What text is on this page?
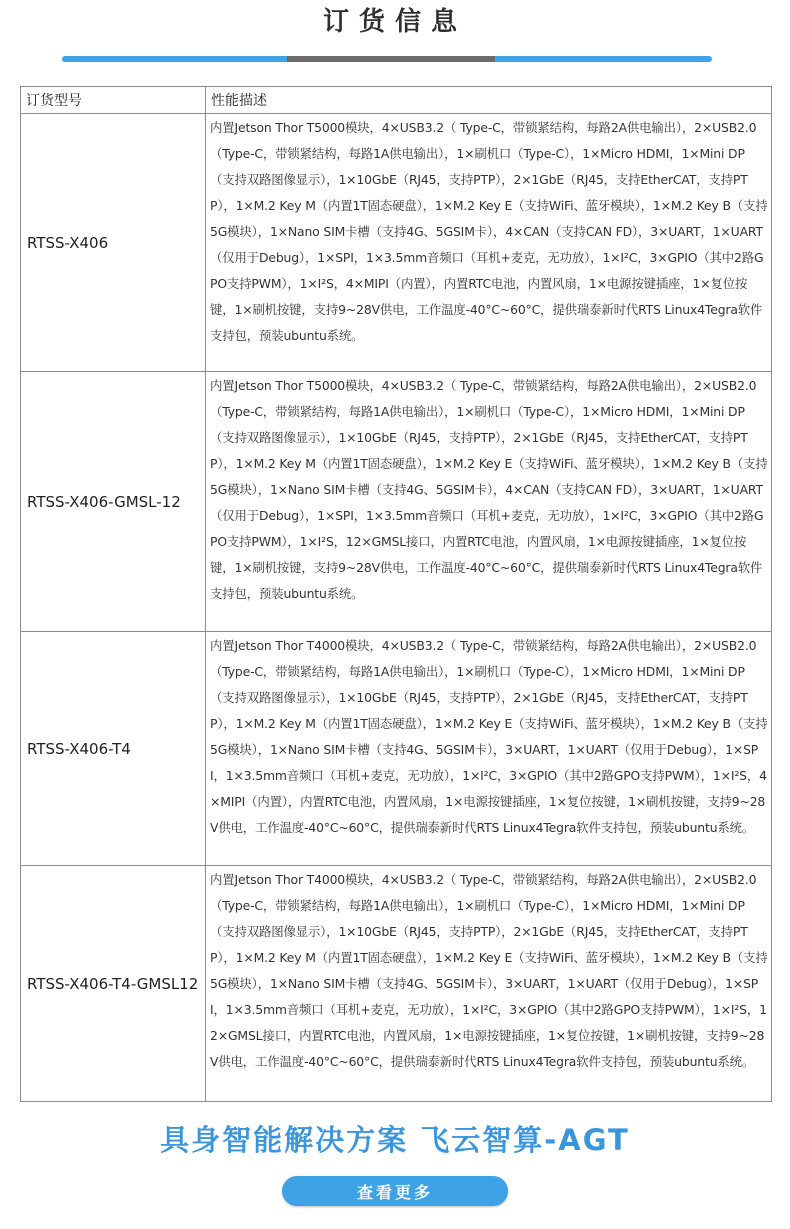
订货信息
订货型号	性能描述
RTSS-X406	内置Jetson Thor T5000模块，4×USB3.2（ Type-C，带锁紧结构，每路2A供电输出），2×USB2.0（Type-C，带锁紧结构，每路1A供电输出），1×刷机口（Type-C），1×Micro HDMI，1×Mini DP（支持双路图像显示），1×10GbE（RJ45，支持PTP），2×1GbE（RJ45，支持EtherCAT，支持PTP），1×M.2 Key M（内置1T固态硬盘），1×M.2 Key E（支持WiFi、蓝牙模块），1×M.2 Key B（支持5G模块），1×Nano SIM卡槽（支持4G、5GSIM卡），4×CAN（支持CAN FD），3×UART，1×UART（仅用于Debug），1×SPI，1×3.5mm音频口（耳机+麦克，无功放），1×I²C，3×GPIO（其中2路GPO支持PWM），1×I²S，4×MIPI（内置），内置RTC电池，内置风扇，1×电源按键插座，1×复位按键，1×刷机按键，支持9~28V供电，工作温度-40°C~60°C，提供瑞泰新时代RTS Linux4Tegra软件支持包，预装ubuntu系统。
RTSS-X406-GMSL-12	内置Jetson Thor T5000模块，4×USB3.2（ Type-C，带锁紧结构，每路2A供电输出），2×USB2.0（Type-C，带锁紧结构，每路1A供电输出），1×刷机口（Type-C），1×Micro HDMI，1×Mini DP（支持双路图像显示），1×10GbE（RJ45，支持PTP），2×1GbE（RJ45，支持EtherCAT，支持PTP），1×M.2 Key M（内置1T固态硬盘），1×M.2 Key E（支持WiFi、蓝牙模块），1×M.2 Key B（支持5G模块），1×Nano SIM卡槽（支持4G、5GSIM卡），4×CAN（支持CAN FD），3×UART，1×UART（仅用于Debug），1×SPI，1×3.5mm音频口（耳机+麦克，无功放），1×I²C，3×GPIO（其中2路GPO支持PWM），1×I²S，12×GMSL接口，内置RTC电池，内置风扇，1×电源按键插座，1×复位按键，1×刷机按键，支持9~28V供电，工作温度-40°C~60°C，提供瑞泰新时代RTS Linux4Tegra软件支持包，预装ubuntu系统。
RTSS-X406-T4	内置Jetson Thor T4000模块，4×USB3.2（ Type-C，带锁紧结构，每路2A供电输出），2×USB2.0（Type-C，带锁紧结构，每路1A供电输出），1×刷机口（Type-C），1×Micro HDMI，1×Mini DP（支持双路图像显示），1×10GbE（RJ45，支持PTP），2×1GbE（RJ45，支持EtherCAT，支持PTP），1×M.2 Key M（内置1T固态硬盘），1×M.2 Key E（支持WiFi、蓝牙模块），1×M.2 Key B（支持5G模块），1×Nano SIM卡槽（支持4G、5GSIM卡），3×UART，1×UART（仅用于Debug），1×SPI，1×3.5mm音频口（耳机+麦克，无功放），1×I²C，3×GPIO（其中2路GPO支持PWM），1×I²S，4×MIPI（内置），内置RTC电池，内置风扇，1×电源按键插座，1×复位按键，1×刷机按键，支持9~28V供电，工作温度-40°C~60°C，提供瑞泰新时代RTS Linux4Tegra软件支持包，预装ubuntu系统。
RTSS-X406-T4-GMSL12	内置Jetson Thor T4000模块，4×USB3.2（ Type-C，带锁紧结构，每路2A供电输出），2×USB2.0（Type-C，带锁紧结构，每路1A供电输出），1×刷机口（Type-C），1×Micro HDMI，1×Mini DP（支持双路图像显示），1×10GbE（RJ45，支持PTP），2×1GbE（RJ45，支持EtherCAT，支持PTP），1×M.2 Key M（内置1T固态硬盘），1×M.2 Key E（支持WiFi、蓝牙模块），1×M.2 Key B（支持5G模块），1×Nano SIM卡槽（支持4G、5GSIM卡），3×UART，1×UART（仅用于Debug），1×SPI，1×3.5mm音频口（耳机+麦克，无功放），1×I²C，3×GPIO（其中2路GPO支持PWM），1×I²S，12×GMSL接口，内置RTC电池，内置风扇，1×电源按键插座，1×复位按键，1×刷机按键，支持9~28V供电，工作温度-40°C~60°C，提供瑞泰新时代RTS Linux4Tegra软件支持包，预装ubuntu系统。
具身智能解决方案 飞云智算-AGT
查看更多
